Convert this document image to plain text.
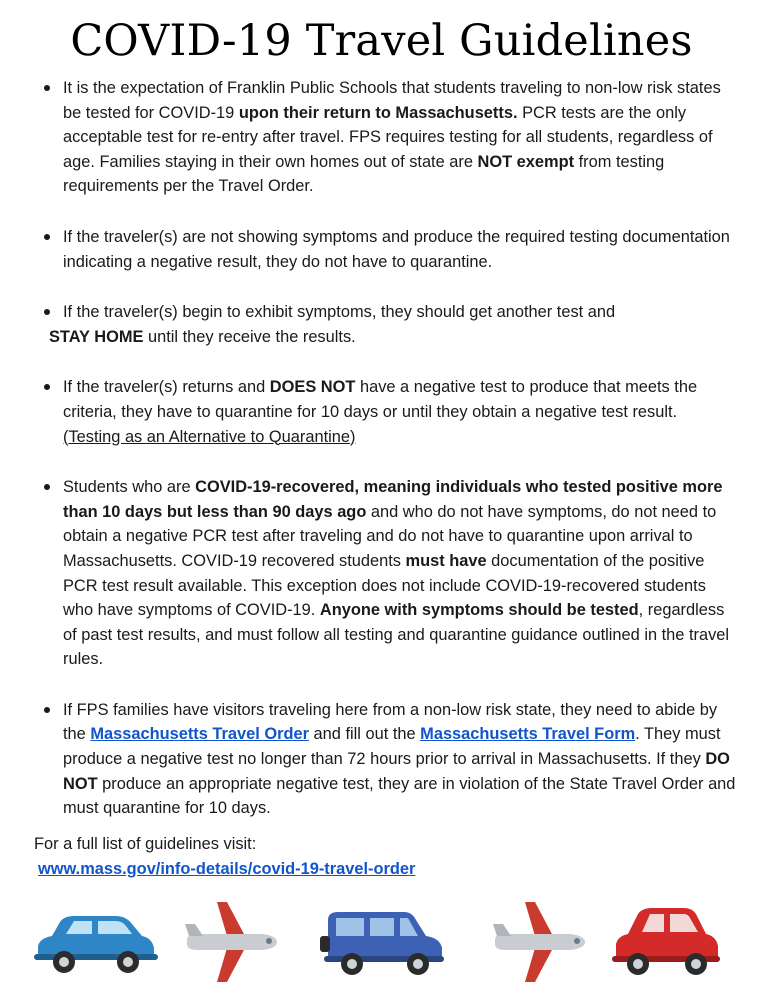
COVID-19 Travel Guidelines
It is the expectation of Franklin Public Schools that students traveling to non-low risk states be tested for COVID-19 upon their return to Massachusetts. PCR tests are the only acceptable test for re-entry after travel. FPS requires testing for all students, regardless of age. Families staying in their own homes out of state are NOT exempt from testing requirements per the Travel Order.
If the traveler(s) are not showing symptoms and produce the required testing documentation indicating a negative result, they do not have to quarantine.
If the traveler(s) begin to exhibit symptoms, they should get another test and
STAY HOME until they receive the results.
If the traveler(s) returns and DOES NOT have a negative test to produce that meets the criteria, they have to quarantine for 10 days or until they obtain a negative test result. (Testing as an Alternative to Quarantine)
Students who are COVID-19-recovered, meaning individuals who tested positive more than 10 days but less than 90 days ago and who do not have symptoms, do not need to obtain a negative PCR test after traveling and do not have to quarantine upon arrival to Massachusetts. COVID-19 recovered students must have documentation of the positive PCR test result available. This exception does not include COVID-19-recovered students who have symptoms of COVID-19. Anyone with symptoms should be tested, regardless of past test results, and must follow all testing and quarantine guidance outlined in the travel rules.
If FPS families have visitors traveling here from a non-low risk state, they need to abide by the Massachusetts Travel Order and fill out the Massachusetts Travel Form. They must produce a negative test no longer than 72 hours prior to arrival in Massachusetts. If they DO NOT produce an appropriate negative test, they are in violation of the State Travel Order and must quarantine for 10 days.
For a full list of guidelines visit:
www.mass.gov/info-details/covid-19-travel-order
